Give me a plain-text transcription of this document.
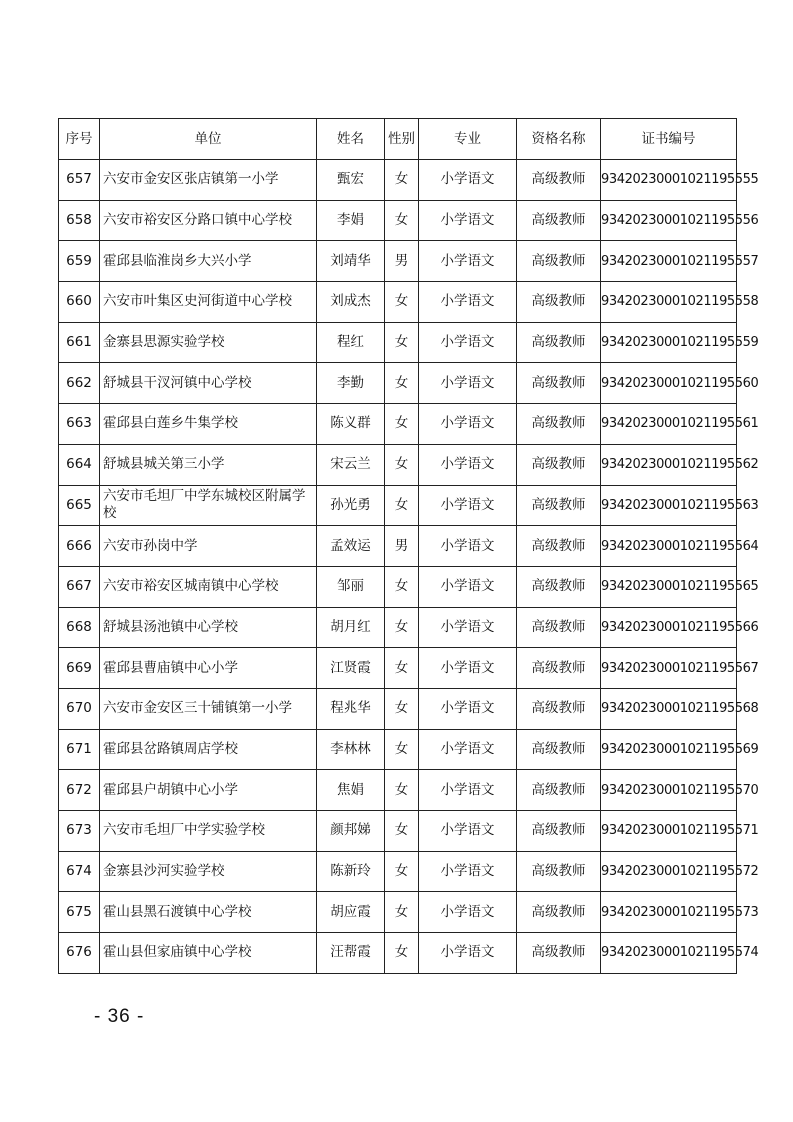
序号	单位	姓名	性别	专业	资格名称	证书编号
657	六安市金安区张店镇第一小学	甄宏	女	小学语文	高级教师	93420230001021195555
658	六安市裕安区分路口镇中心学校	李娟	女	小学语文	高级教师	93420230001021195556
659	霍邱县临淮岗乡大兴小学	刘靖华	男	小学语文	高级教师	93420230001021195557
660	六安市叶集区史河街道中心学校	刘成杰	女	小学语文	高级教师	93420230001021195558
661	金寨县思源实验学校	程红	女	小学语文	高级教师	93420230001021195559
662	舒城县干汊河镇中心学校	李勤	女	小学语文	高级教师	93420230001021195560
663	霍邱县白莲乡牛集学校	陈义群	女	小学语文	高级教师	93420230001021195561
664	舒城县城关第三小学	宋云兰	女	小学语文	高级教师	93420230001021195562
665	六安市毛坦厂中学东城校区附属学校	孙光勇	女	小学语文	高级教师	93420230001021195563
666	六安市孙岗中学	孟效运	男	小学语文	高级教师	93420230001021195564
667	六安市裕安区城南镇中心学校	邹丽	女	小学语文	高级教师	93420230001021195565
668	舒城县汤池镇中心学校	胡月红	女	小学语文	高级教师	93420230001021195566
669	霍邱县曹庙镇中心小学	江贤霞	女	小学语文	高级教师	93420230001021195567
670	六安市金安区三十铺镇第一小学	程兆华	女	小学语文	高级教师	93420230001021195568
671	霍邱县岔路镇周店学校	李林林	女	小学语文	高级教师	93420230001021195569
672	霍邱县户胡镇中心小学	焦娟	女	小学语文	高级教师	93420230001021195570
673	六安市毛坦厂中学实验学校	颜邦娣	女	小学语文	高级教师	93420230001021195571
674	金寨县沙河实验学校	陈新玲	女	小学语文	高级教师	93420230001021195572
675	霍山县黑石渡镇中心学校	胡应霞	女	小学语文	高级教师	93420230001021195573
676	霍山县但家庙镇中心学校	汪帮霞	女	小学语文	高级教师	93420230001021195574
- 36 -
